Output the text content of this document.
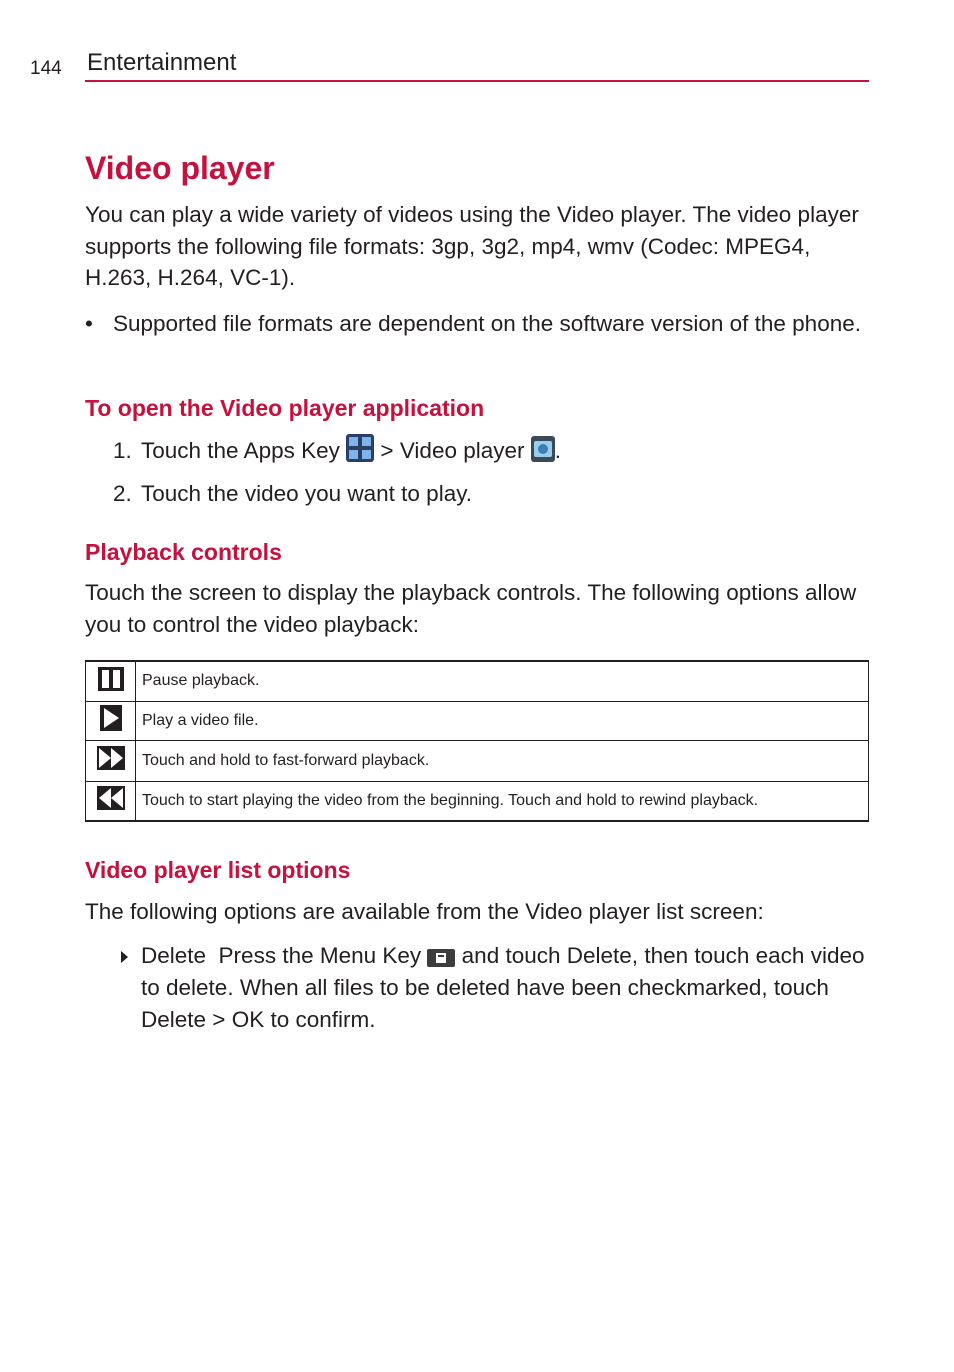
144 Entertainment
Video player

You can play a wide variety of videos using the Video player. The video player supports the following file formats: 3gp, 3g2, mp4, wmv (Codec: MPEG4, H.263, H.264, VC-1).

• Supported file formats are dependent on the software version of the phone.
To open the Video player application
1. Touch the Apps Key  > Video player .
2. Touch the video you want to play.
Playback controls

Touch the screen to display the playback controls. The following options allow you to control the video playback:

	Pause playback.
	Play a video file.
	Touch and hold to fast-forward playback.
	Touch to start playing the video from the beginning. Touch and hold to rewind playback.
Video player list options

The following options are available from the Video player list screen:

Delete  Press the Menu Key  and touch Delete, then touch each video to delete. When all files to be deleted have been checkmarked, touch Delete > OK to confirm.
